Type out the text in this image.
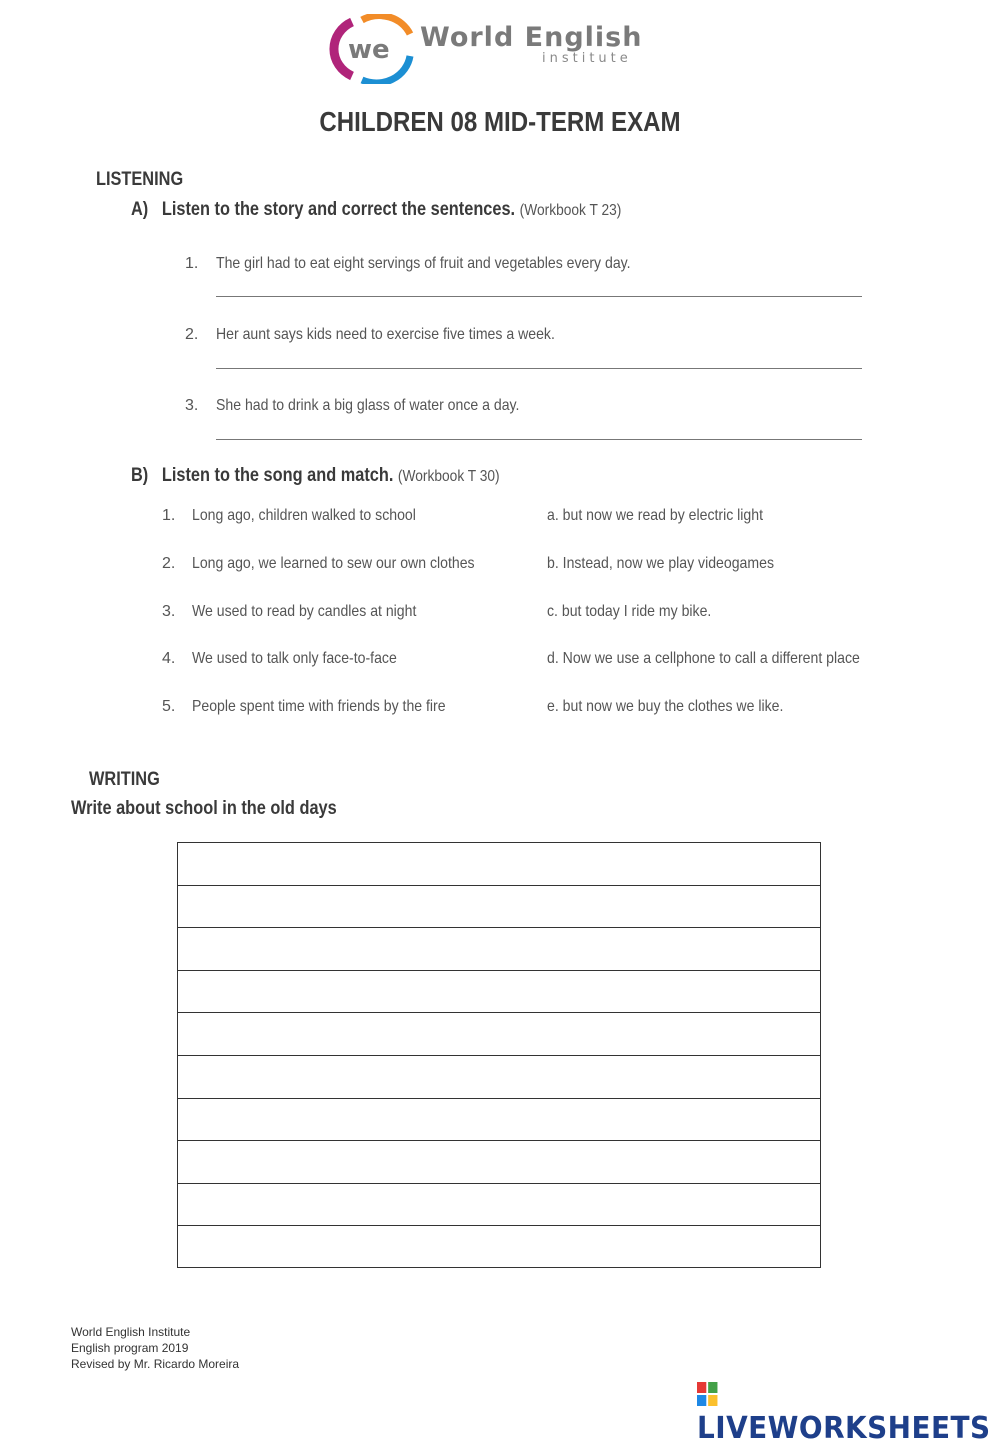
we World English
institute
CHILDREN 08 MID-TERM EXAM
LISTENING
A) Listen to the story and correct the sentences. (Workbook T 23)
1. The girl had to eat eight servings of fruit and vegetables every day.
2. Her aunt says kids need to exercise five times a week.
3. She had to drink a big glass of water once a day.
B) Listen to the song and match. (Workbook T 30)
1. Long ago, children walked to school	a. but now we read by electric light
2. Long ago, we learned to sew our own clothes	b. Instead, now we play videogames
3. We used to read by candles at night	c. but today I ride my bike.
4. We used to talk only face-to-face	d. Now we use a cellphone to call a different place
5. People spent time with friends by the fire	e. but now we buy the clothes we like.
WRITING
Write about school in the old days
World English Institute
English program 2019
Revised by Mr. Ricardo Moreira
LIVEWORKSHEETS
